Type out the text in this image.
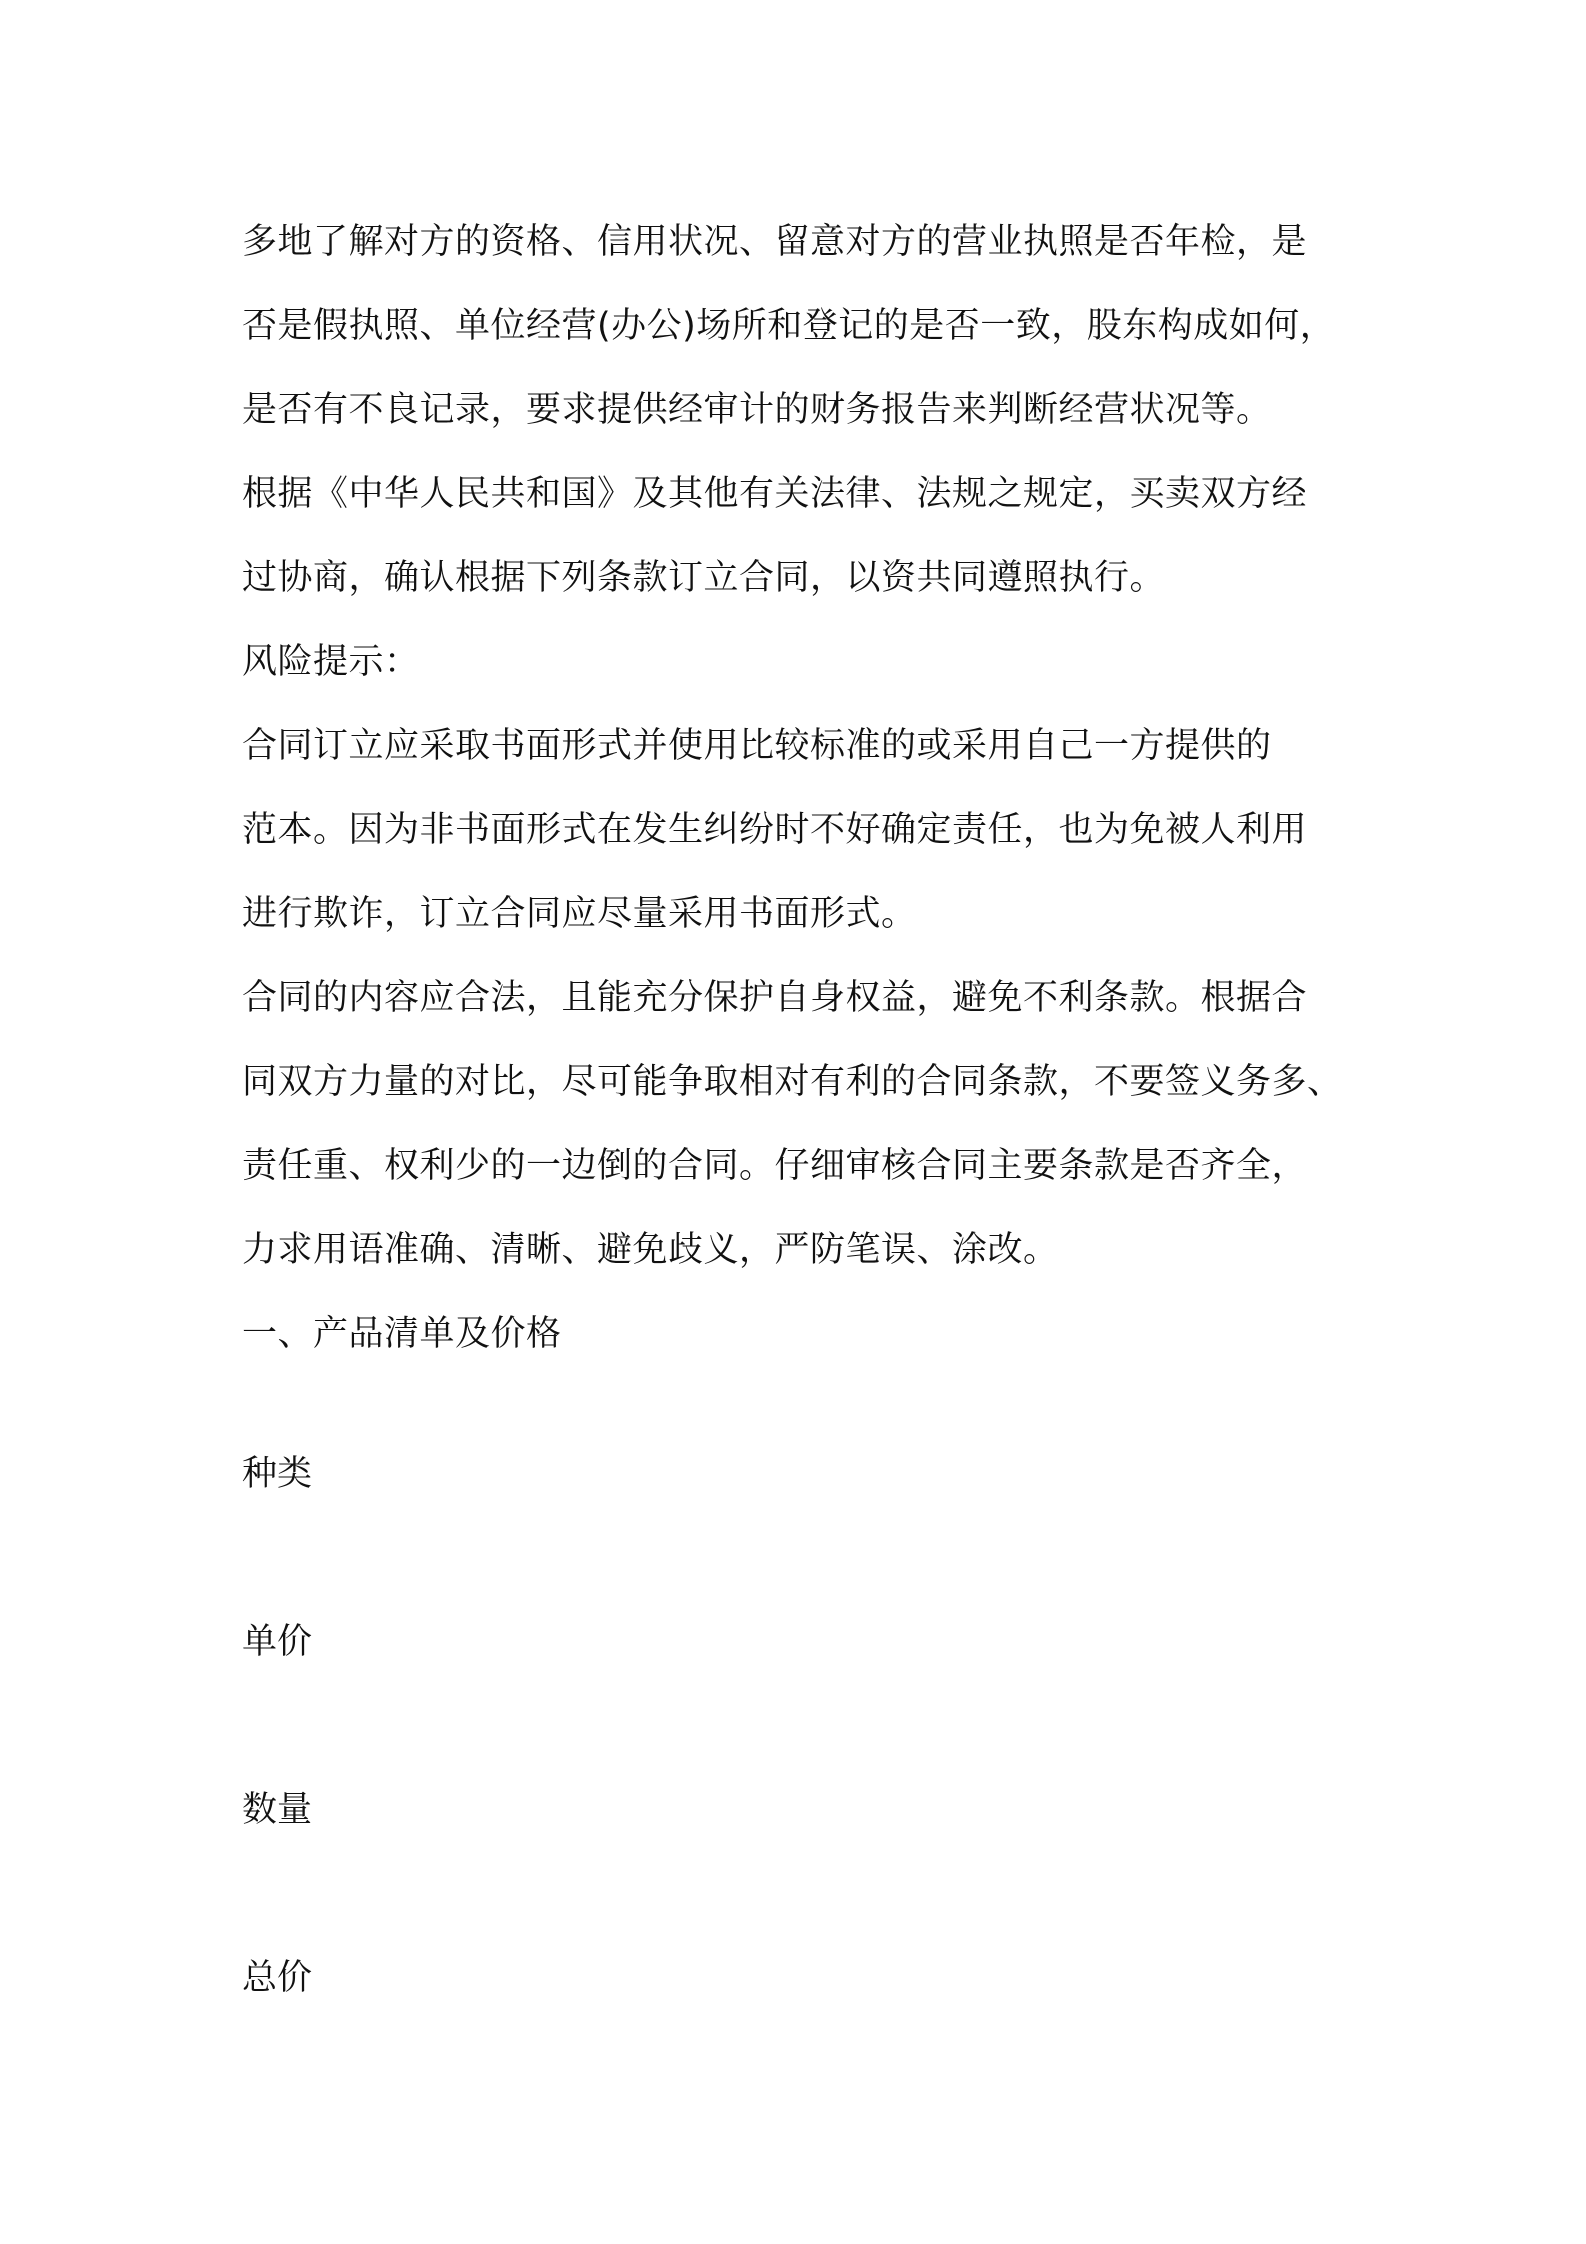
多地了解对方的资格、信用状况、留意对方的营业执照是否年检，是
否是假执照、单位经营(办公)场所和登记的是否一致，股东构成如何，
是否有不良记录，要求提供经审计的财务报告来判断经营状况等。
根据《中华人民共和国》及其他有关法律、法规之规定，买卖双方经
过协商，确认根据下列条款订立合同，以资共同遵照执行。
风险提示：
合同订立应采取书面形式并使用比较标准的或采用自己一方提供的
范本。因为非书面形式在发生纠纷时不好确定责任，也为免被人利用
进行欺诈，订立合同应尽量采用书面形式。
合同的内容应合法，且能充分保护自身权益，避免不利条款。根据合
同双方力量的对比，尽可能争取相对有利的合同条款，不要签义务多、
责任重、权利少的一边倒的合同。仔细审核合同主要条款是否齐全，
力求用语准确、清晰、避免歧义，严防笔误、涂改。
一、产品清单及价格
种类
单价
数量
总价
